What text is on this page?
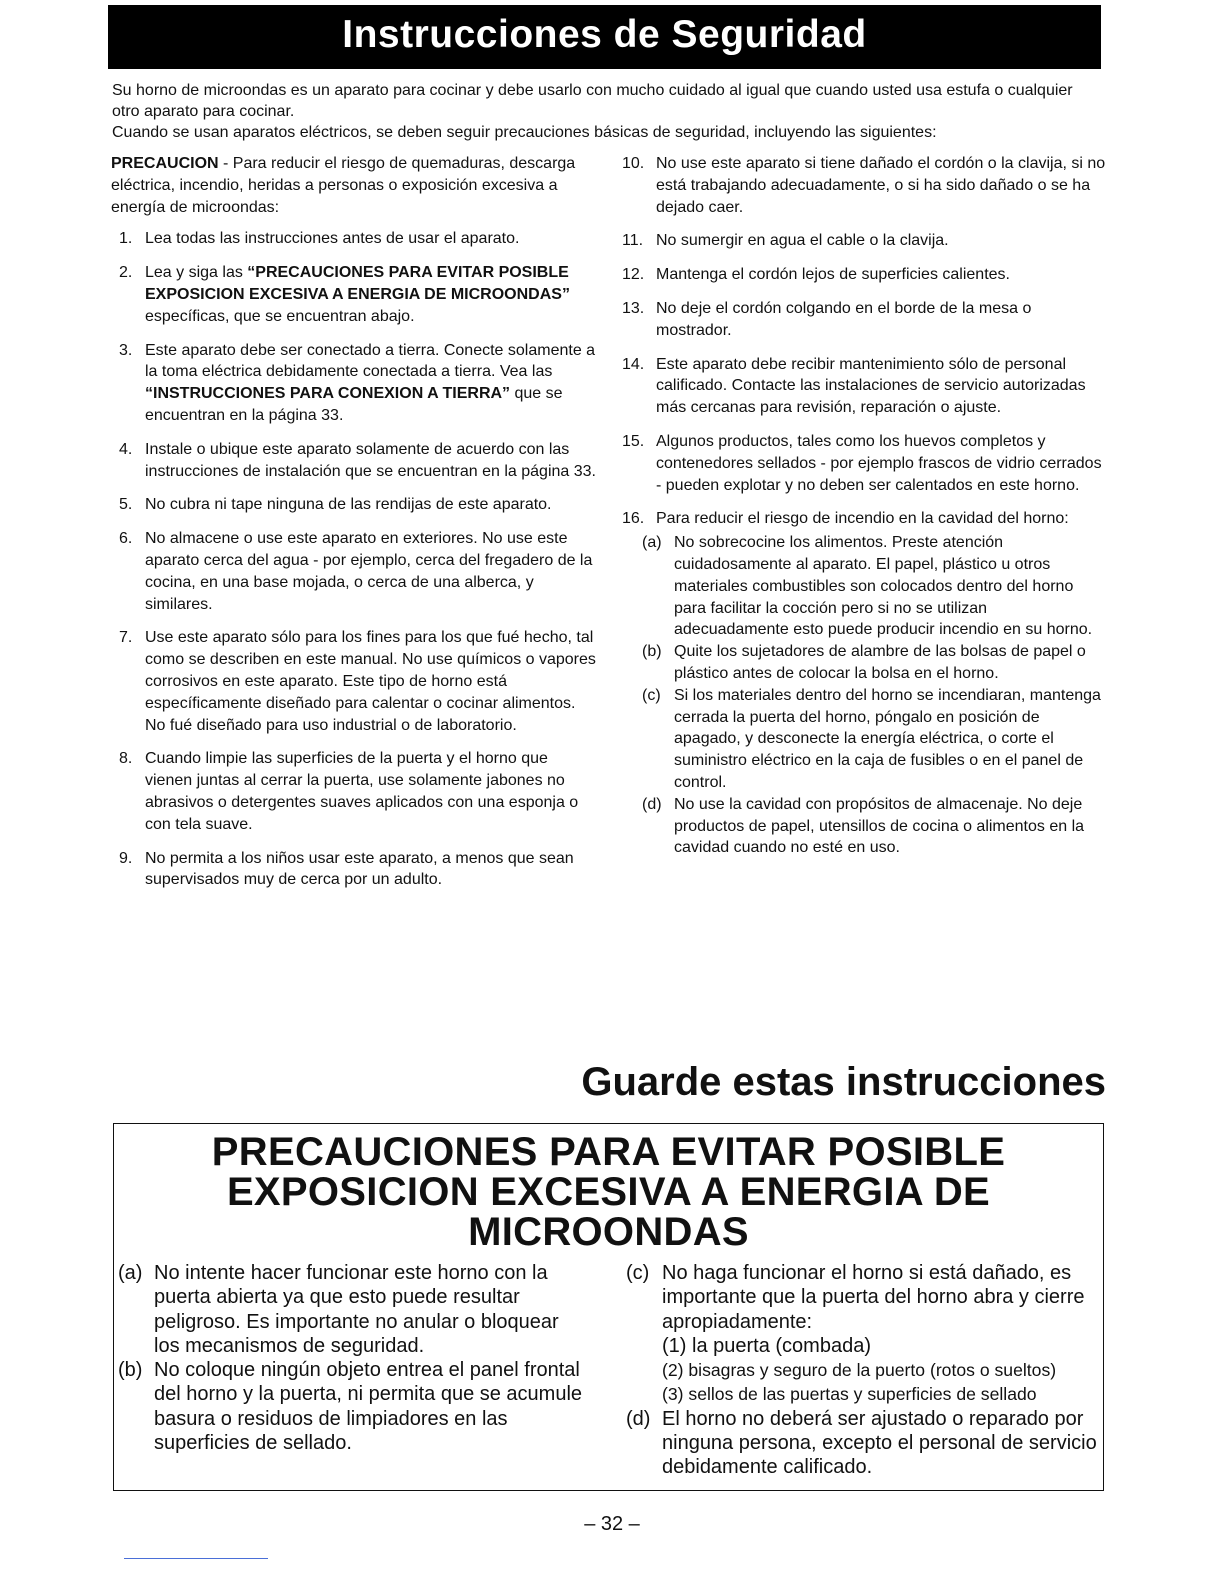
Instrucciones de Seguridad

Su horno de microondas es un aparato para cocinar y debe usarlo con mucho cuidado al igual que cuando usted usa estufa o cualquier otro aparato para cocinar.

Cuando se usan aparatos eléctricos, se deben seguir precauciones básicas de seguridad, incluyendo las siguientes:

PRECAUCION - Para reducir el riesgo de quemaduras, descarga eléctrica, incendio, heridas a personas o exposición excesiva a energía de microondas:

1. Lea todas las instrucciones antes de usar el aparato.
2. Lea y siga las “PRECAUCIONES PARA EVITAR POSIBLE EXPOSICION EXCESIVA A ENERGIA DE MICROONDAS” específicas, que se encuentran abajo.
3. Este aparato debe ser conectado a tierra. Conecte solamente a la toma eléctrica debidamente conectada a tierra. Vea las “INSTRUCCIONES PARA CONEXION A TIERRA” que se encuentran en la página 33.
4. Instale o ubique este aparato solamente de acuerdo con las instrucciones de instalación que se encuentran en la página 33.
5. No cubra ni tape ninguna de las rendijas de este aparato.
6. No almacene o use este aparato en exteriores. No use este aparato cerca del agua - por ejemplo, cerca del fregadero de la cocina, en una base mojada, o cerca de una alberca, y similares.
7. Use este aparato sólo para los fines para los que fué hecho, tal como se describen en este manual. No use químicos o vapores corrosivos en este aparato. Este tipo de horno está específicamente diseñado para calentar o cocinar alimentos. No fué diseñado para uso industrial o de laboratorio.
8. Cuando limpie las superficies de la puerta y el horno que vienen juntas al cerrar la puerta, use solamente jabones no abrasivos o detergentes suaves aplicados con una esponja o con tela suave.
9. No permita a los niños usar este aparato, a menos que sean supervisados muy de cerca por un adulto.
10. No use este aparato si tiene dañado el cordón o la clavija, si no está trabajando adecuadamente, o si ha sido dañado o se ha dejado caer.
11. No sumergir en agua el cable o la clavija.
12. Mantenga el cordón lejos de superficies calientes.
13. No deje el cordón colgando en el borde de la mesa o mostrador.
14. Este aparato debe recibir mantenimiento sólo de personal calificado. Contacte las instalaciones de servicio autorizadas más cercanas para revisión, reparación o ajuste.
15. Algunos productos, tales como los huevos completos y contenedores sellados - por ejemplo frascos de vidrio cerrados - pueden explotar y no deben ser calentados en este horno.
16. Para reducir el riesgo de incendio en la cavidad del horno:
(a) No sobrecocine los alimentos. Preste atención cuidadosamente al aparato. El papel, plástico u otros materiales combustibles son colocados dentro del horno para facilitar la cocción pero si no se utilizan adecuadamente esto puede producir incendio en su horno.
(b) Quite los sujetadores de alambre de las bolsas de papel o plástico antes de colocar la bolsa en el horno.
(c) Si los materiales dentro del horno se incendiaran, mantenga cerrada la puerta del horno, póngalo en posición de apagado, y desconecte la energía eléctrica, o corte el suministro eléctrico en la caja de fusibles o en el panel de control.
(d) No use la cavidad con propósitos de almacenaje. No deje productos de papel, utensillos de cocina o alimentos en la cavidad cuando no esté en uso.
Guarde estas instrucciones
PRECAUCIONES PARA EVITAR POSIBLE
EXPOSICION EXCESIVA A ENERGIA DE
MICROONDAS
(a) No intente hacer funcionar este horno con la puerta abierta ya que esto puede resultar peligroso. Es importante no anular o bloquear los mecanismos de seguridad.
(b) No coloque ningún objeto entrea el panel frontal del horno y la puerta, ni permita que se acumule basura o residuos de limpiadores en las superficies de sellado.
(c) No haga funcionar el horno si está dañado, es importante que la puerta del horno abra y cierre apropiadamente:
(1) la puerta (combada)
(2) bisagras y seguro de la puerto (rotos o sueltos)
(3) sellos de las puertas y superficies de sellado
(d) El horno no deberá ser ajustado o reparado por ninguna persona, excepto el personal de servicio debidamente calificado.
– 32 –
